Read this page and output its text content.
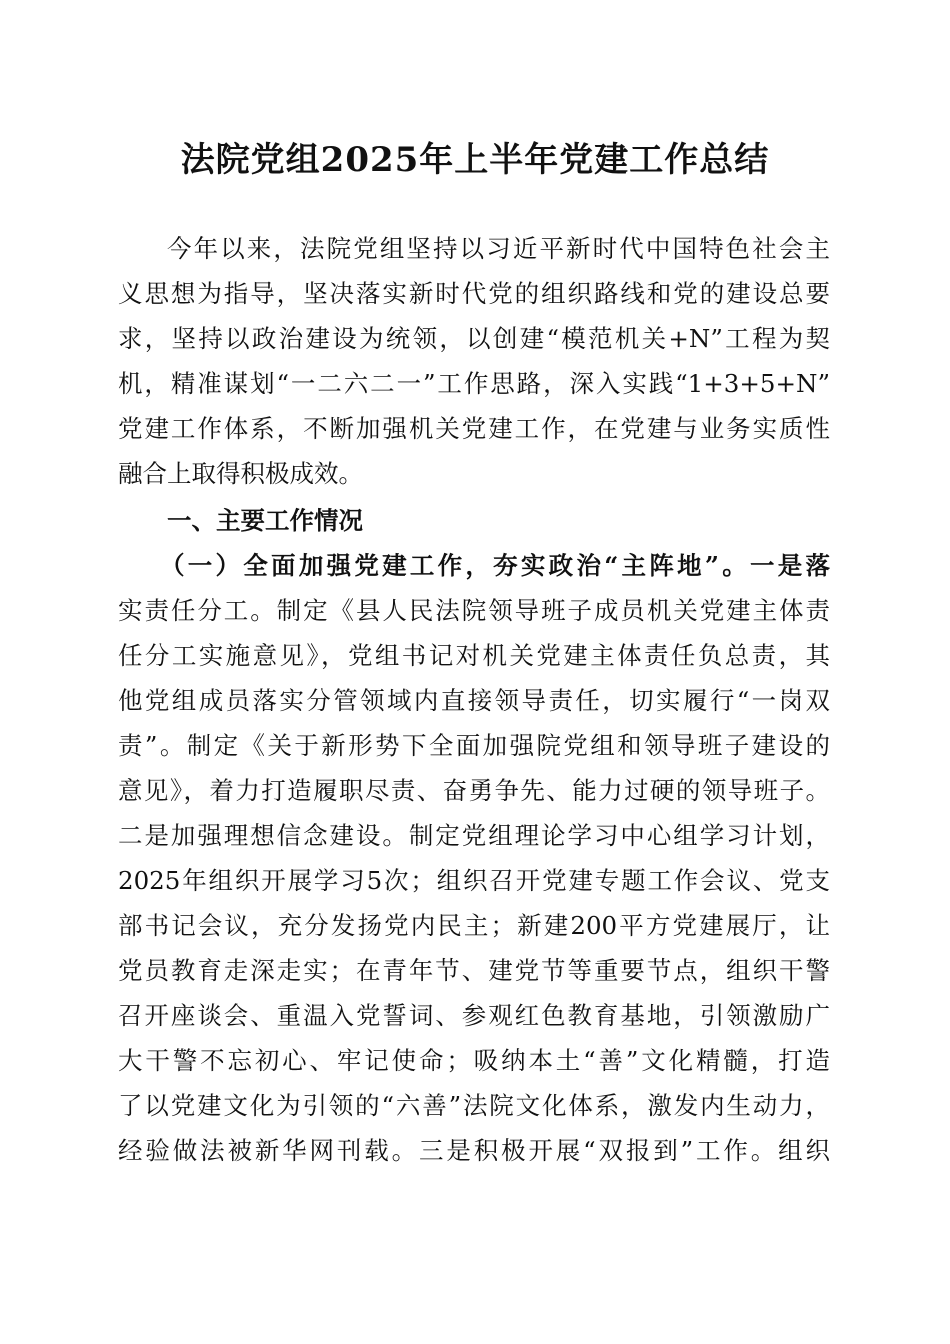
法院党组2025年上半年党建工作总结
今年以来，法院党组坚持以习近平新时代中国特色社会主
义思想为指导，坚决落实新时代党的组织路线和党的建设总要
求，坚持以政治建设为统领，以创建“模范机关+N”工程为契
机，精准谋划“一二六二一”工作思路，深入实践“1+3+5+N”
党建工作体系，不断加强机关党建工作，在党建与业务实质性
融合上取得积极成效。
一、主要工作情况
（一）全面加强党建工作，夯实政治“主阵地”。一是落
实责任分工。制定《县人民法院领导班子成员机关党建主体责
任分工实施意见》，党组书记对机关党建主体责任负总责，其
他党组成员落实分管领域内直接领导责任，切实履行“一岗双
责”。制定《关于新形势下全面加强院党组和领导班子建设的
意见》，着力打造履职尽责、奋勇争先、能力过硬的领导班子。
二是加强理想信念建设。制定党组理论学习中心组学习计划，
2025年组织开展学习5次；组织召开党建专题工作会议、党支
部书记会议，充分发扬党内民主；新建200平方党建展厅，让
党员教育走深走实；在青年节、建党节等重要节点，组织干警
召开座谈会、重温入党誓词、参观红色教育基地，引领激励广
大干警不忘初心、牢记使命；吸纳本土“善”文化精髓，打造
了以党建文化为引领的“六善”法院文化体系，激发内生动力，
经验做法被新华网刊载。三是积极开展“双报到”工作。组织
